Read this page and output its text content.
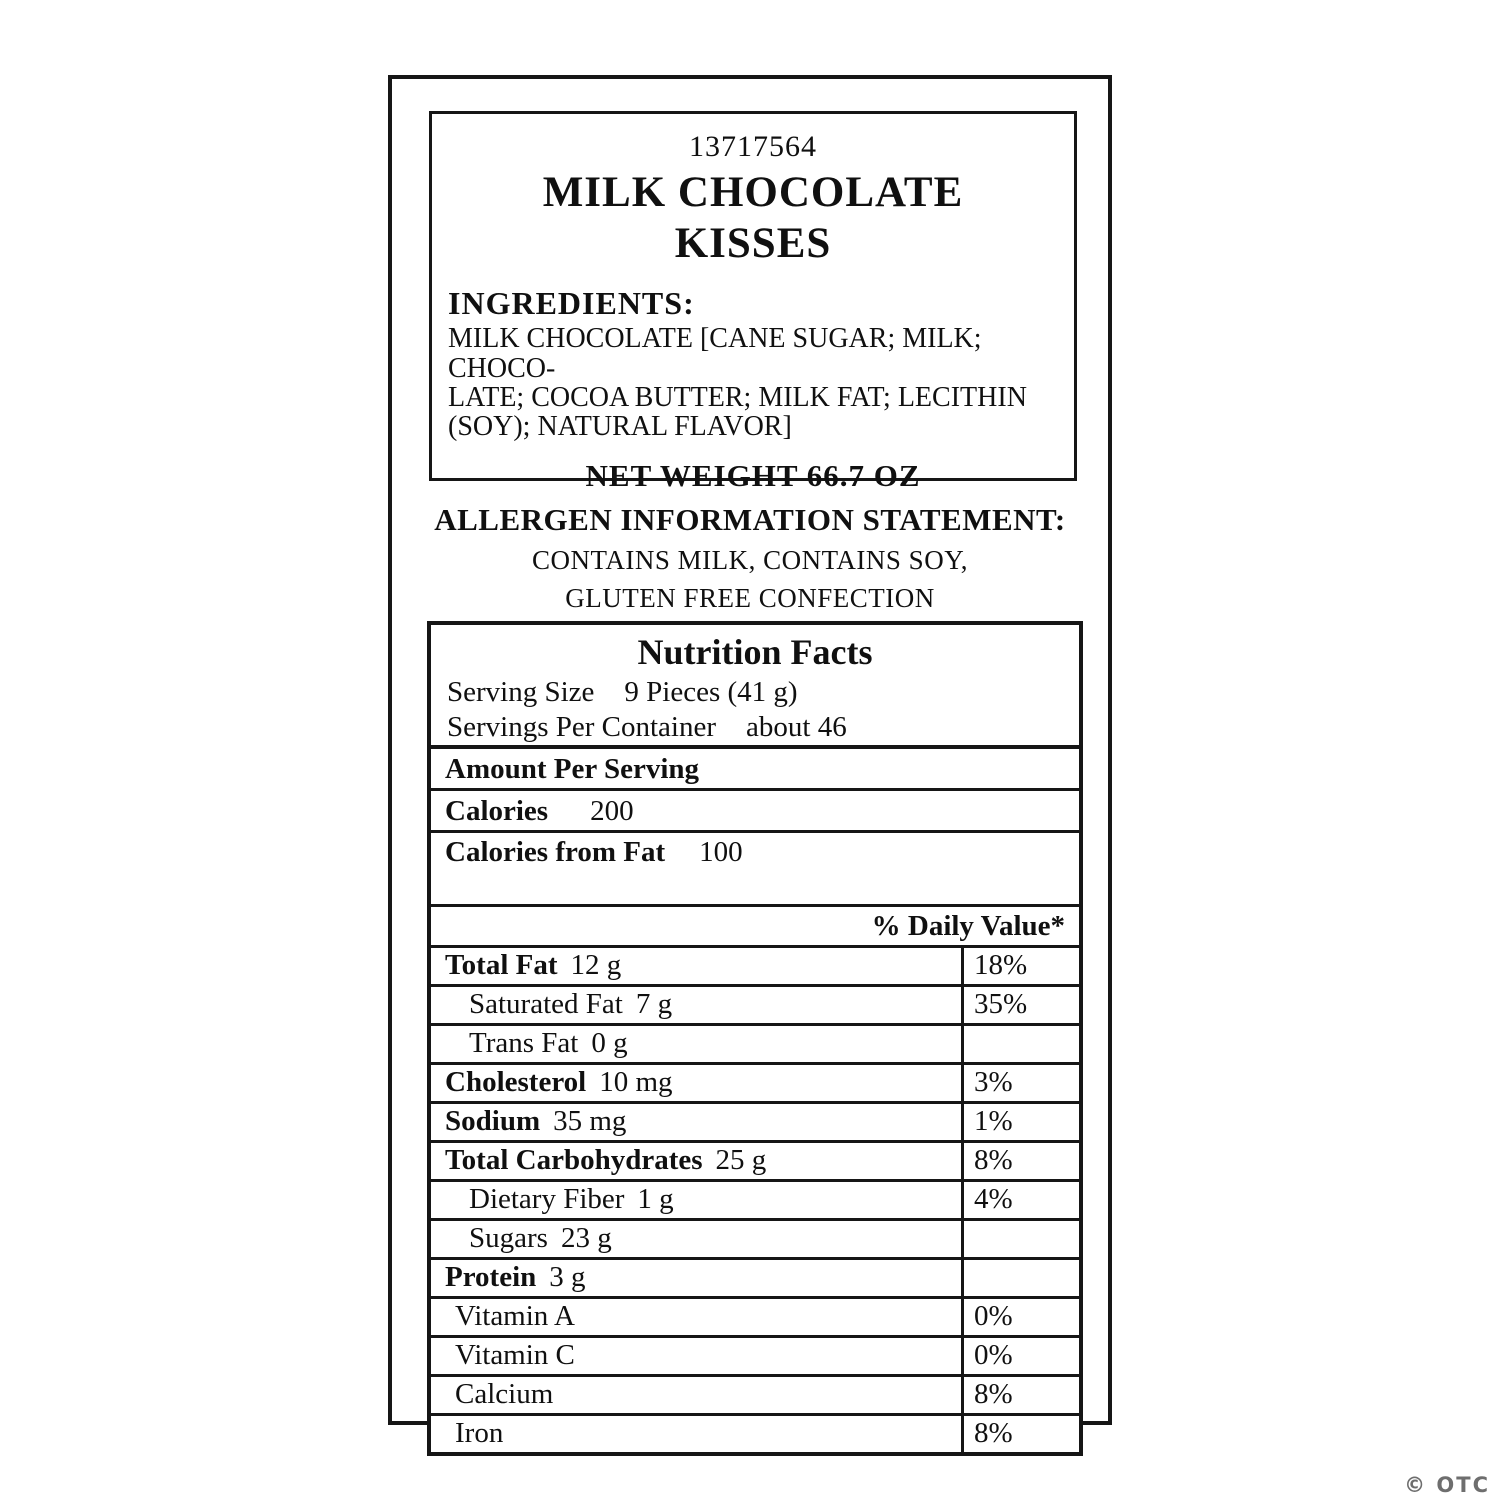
13717564
MILK CHOCOLATE
KISSES
INGREDIENTS:
MILK CHOCOLATE [CANE SUGAR; MILK; CHOCO-
LATE; COCOA BUTTER; MILK FAT; LECITHIN
(SOY); NATURAL FLAVOR]
NET WEIGHT 66.7 OZ
ALLERGEN INFORMATION STATEMENT:
CONTAINS MILK, CONTAINS SOY,
GLUTEN FREE CONFECTION
Nutrition Facts
Serving Size 9 Pieces (41 g)
Servings Per Container about 46
Amount Per Serving
Calories 200
Calories from Fat 100
% Daily Value*
Total Fat 12 g	18%
Saturated Fat 7 g	35%
Trans Fat 0 g
Cholesterol 10 mg	3%
Sodium 35 mg	1%
Total Carbohydrates 25 g	8%
Dietary Fiber 1 g	4%
Sugars 23 g
Protein 3 g
Vitamin A	0%
Vitamin C	0%
Calcium	8%
Iron	8%
© OTC
